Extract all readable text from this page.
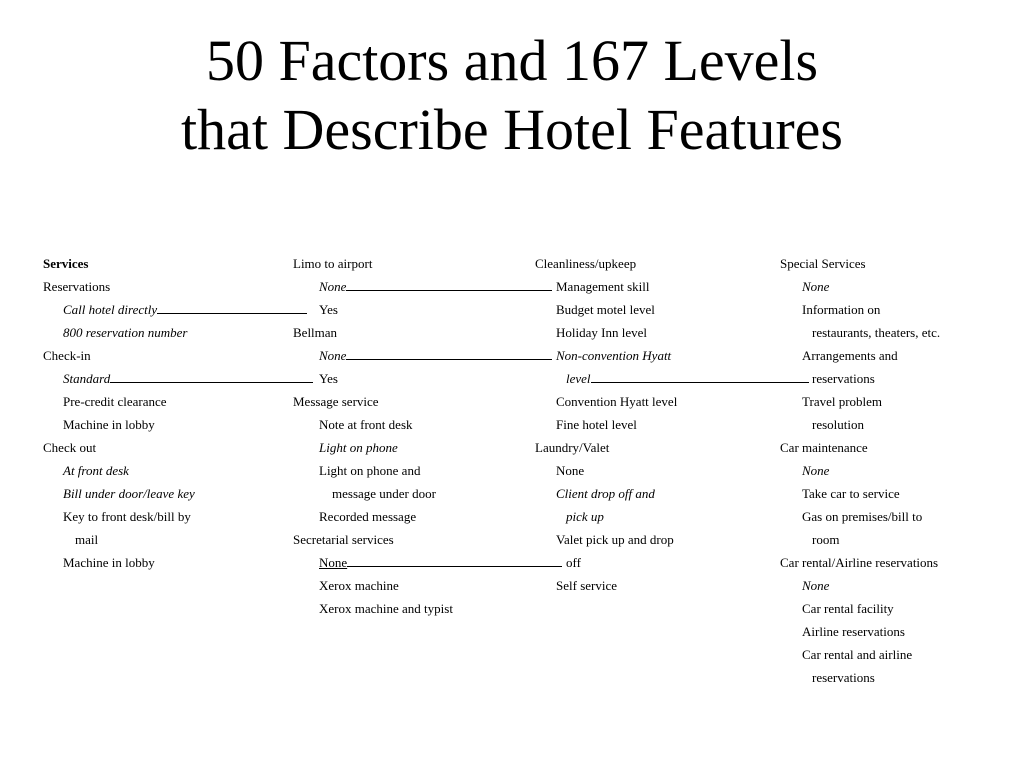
50 Factors and 167 Levels
that Describe Hotel Features
Services
Reservations
Call hotel directly
800 reservation number
Check-in
Standard
Pre-credit clearance
Machine in lobby
Check out
At front desk
Bill under door/leave key
Key to front desk/bill by
mail
Machine in lobby
Limo to airport
None
Yes
Bellman
None
Yes
Message service
Note at front desk
Light on phone
Light on phone and
message under door
Recorded message
Secretarial services
None
Xerox machine
Xerox machine and typist
Cleanliness/upkeep
Management skill
Budget motel level
Holiday Inn level
Non-convention Hyatt
level
Convention Hyatt level
Fine hotel level
Laundry/Valet
None
Client drop off and
pick up
Valet pick up and drop
off
Self service
Special Services
None
Information on
restaurants, theaters, etc.
Arrangements and
reservations
Travel problem
resolution
Car maintenance
None
Take car to service
Gas on premises/bill to
room
Car rental/Airline reservations
None
Car rental facility
Airline reservations
Car rental and airline
reservations
